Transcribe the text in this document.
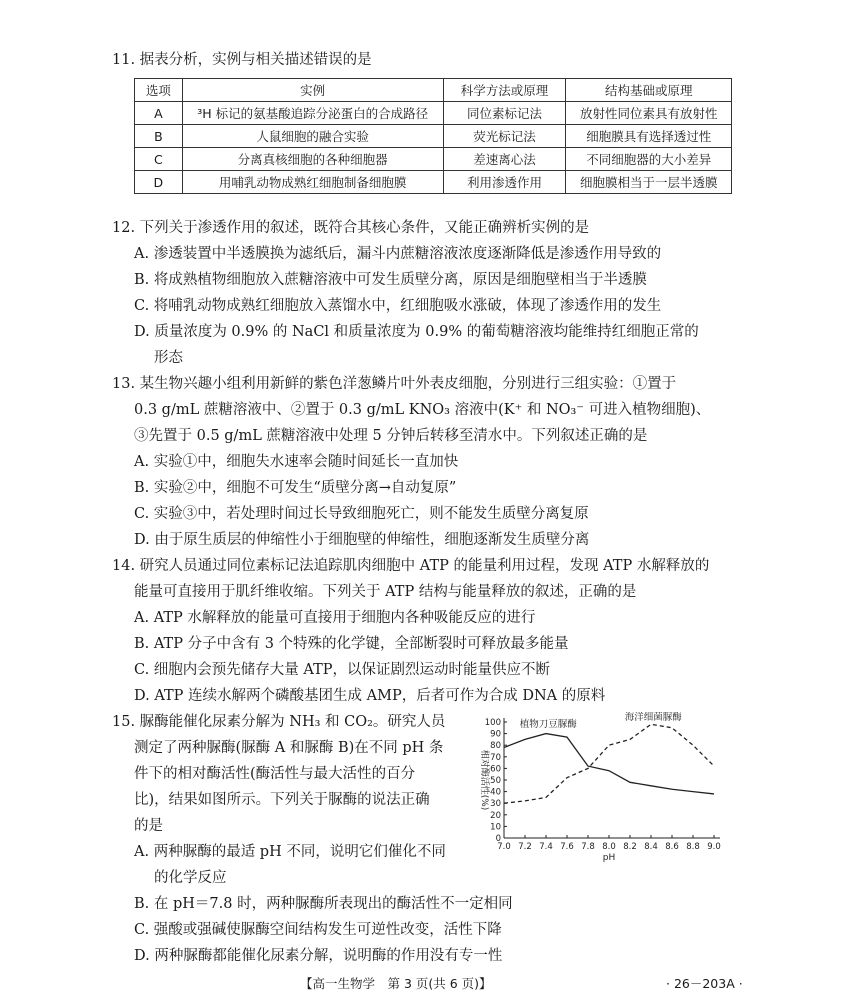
11. 据表分析，实例与相关描述错误的是
选项	实例	科学方法或原理	结构基础或原理
A	³H 标记的氨基酸追踪分泌蛋白的合成路径	同位素标记法	放射性同位素具有放射性
B	人鼠细胞的融合实验	荧光标记法	细胞膜具有选择透过性
C	分离真核细胞的各种细胞器	差速离心法	不同细胞器的大小差异
D	用哺乳动物成熟红细胞制备细胞膜	利用渗透作用	细胞膜相当于一层半透膜
12. 下列关于渗透作用的叙述，既符合其核心条件，又能正确辨析实例的是
A. 渗透装置中半透膜换为滤纸后，漏斗内蔗糖溶液浓度逐渐降低是渗透作用导致的
B. 将成熟植物细胞放入蔗糖溶液中可发生质壁分离，原因是细胞壁相当于半透膜
C. 将哺乳动物成熟红细胞放入蒸馏水中，红细胞吸水涨破，体现了渗透作用的发生
D. 质量浓度为 0.9% 的 NaCl 和质量浓度为 0.9% 的葡萄糖溶液均能维持红细胞正常的
形态
13. 某生物兴趣小组利用新鲜的紫色洋葱鳞片叶外表皮细胞，分别进行三组实验：①置于
0.3 g/mL 蔗糖溶液中、②置于 0.3 g/mL KNO₃ 溶液中(K⁺ 和 NO₃⁻ 可进入植物细胞)、
③先置于 0.5 g/mL 蔗糖溶液中处理 5 分钟后转移至清水中。下列叙述正确的是
A. 实验①中，细胞失水速率会随时间延长一直加快
B. 实验②中，细胞不可发生“质壁分离→自动复原”
C. 实验③中，若处理时间过长导致细胞死亡，则不能发生质壁分离复原
D. 由于原生质层的伸缩性小于细胞壁的伸缩性，细胞逐渐发生质壁分离
14. 研究人员通过同位素标记法追踪肌肉细胞中 ATP 的能量利用过程，发现 ATP 水解释放的
能量可直接用于肌纤维收缩。下列关于 ATP 结构与能量释放的叙述，正确的是
A. ATP 水解释放的能量可直接用于细胞内各种吸能反应的进行
B. ATP 分子中含有 3 个特殊的化学键，全部断裂时可释放最多能量
C. 细胞内会预先储存大量 ATP，以保证剧烈运动时能量供应不断
D. ATP 连续水解两个磷酸基团生成 AMP，后者可作为合成 DNA 的原料
15. 脲酶能催化尿素分解为 NH₃ 和 CO₂。研究人员
测定了两种脲酶(脲酶 A 和脲酶 B)在不同 pH 条
件下的相对酶活性(酶活性与最大活性的百分
比)，结果如图所示。下列关于脲酶的说法正确
的是
A. 两种脲酶的最适 pH 不同，说明它们催化不同
的化学反应
B. 在 pH＝7.8 时，两种脲酶所表现出的酶活性不一定相同
C. 强酸或强碱使脲酶空间结构发生可逆性改变，活性下降
D. 两种脲酶都能催化尿素分解，说明酶的作用没有专一性
0
10
20
30
40
50
60
70
80
90
100
7.0 7.2 7.4 7.6 7.8 8.0 8.2 8.4 8.6 8.8 9.0
pH
相对酶活性(%)
植物刀豆脲酶
海洋细菌脲酶
【高一生物学　第 3 页(共 6 页)】	· 26－203A ·
